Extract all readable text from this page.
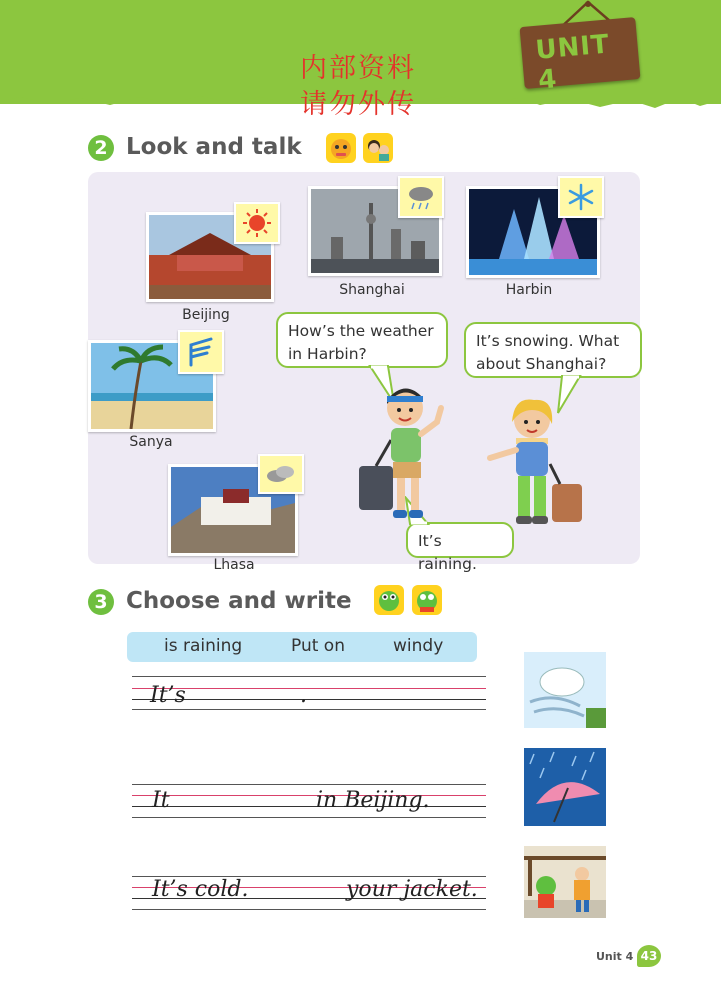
内部资料
请勿外传
UNIT 4
2 Look and talk
Beijing
Shanghai	Harbin
Sanya
Lhasa
How’s the weather in Harbin?
It’s snowing. What about Shanghai?
It’s raining.
3 Choose and write
is raining	Put on	windy
It’s	.
It	in Beijing.
It’s cold.	your jacket.
Unit 4 43
